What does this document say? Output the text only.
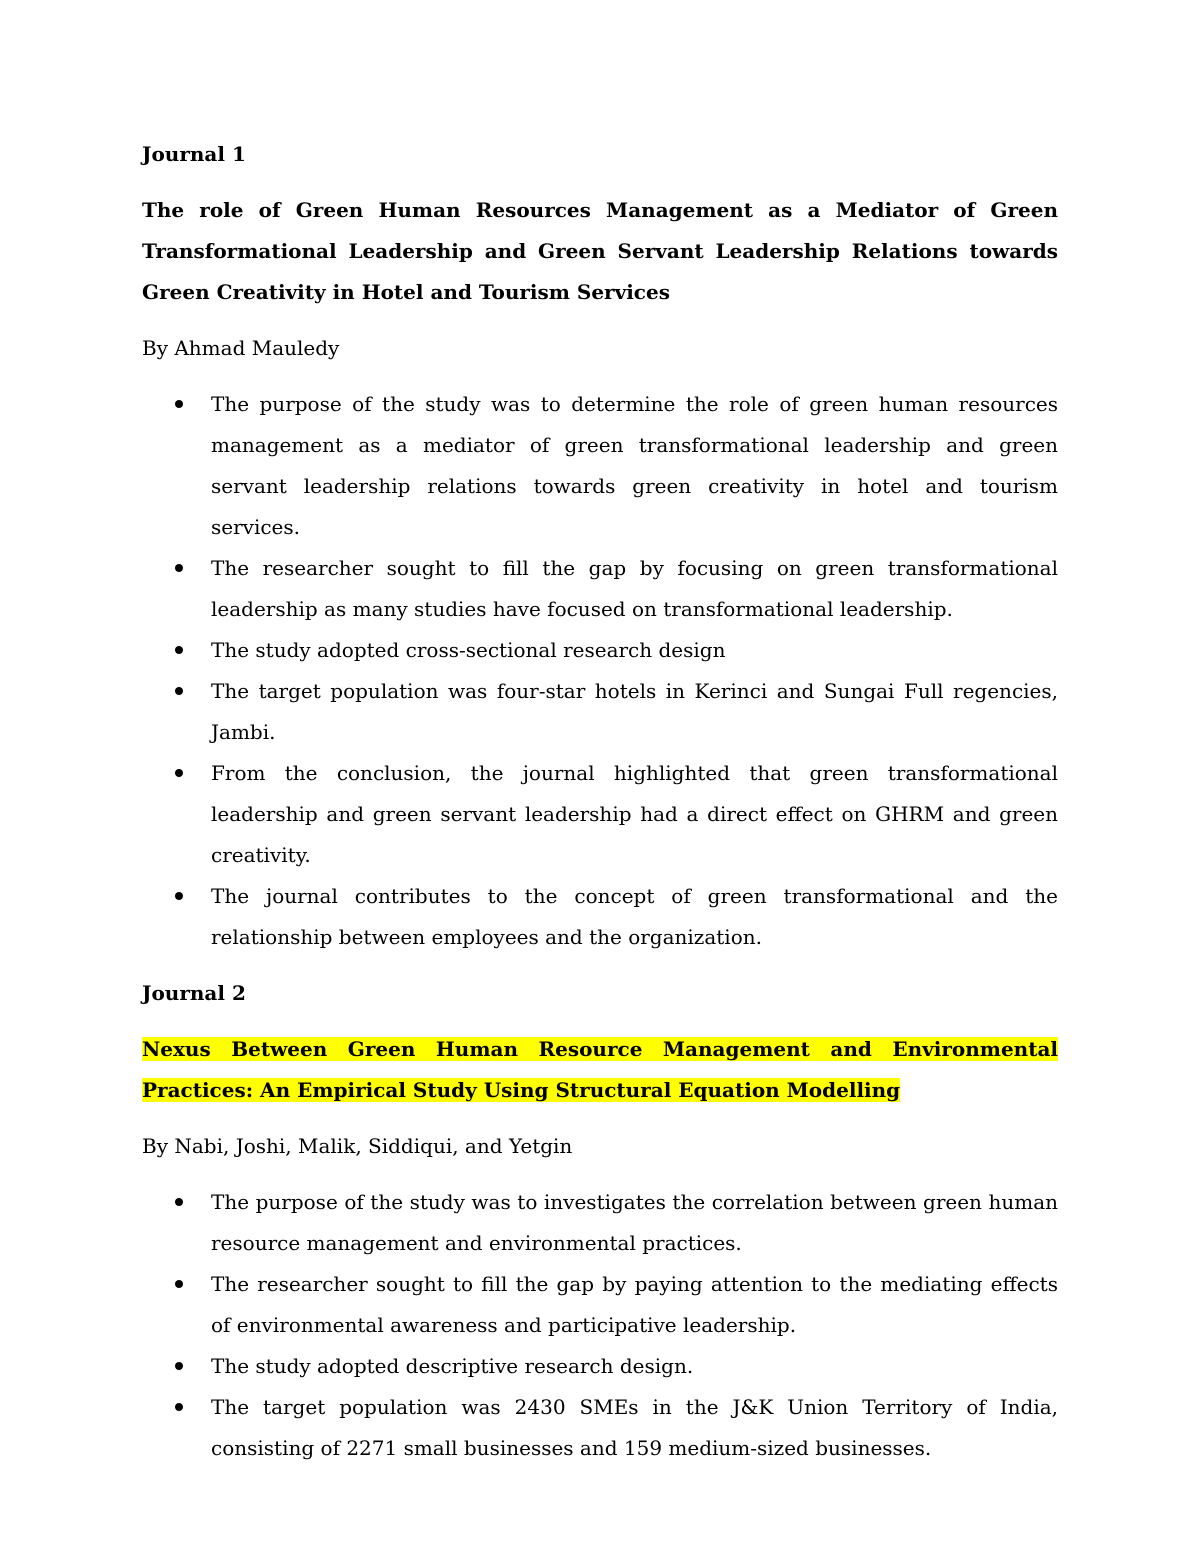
Journal 1

The role of Green Human Resources Management as a Mediator of Green Transformational Leadership and Green Servant Leadership Relations towards Green Creativity in Hotel and Tourism Services

By Ahmad Mauledy

The purpose of the study was to determine the role of green human resources management as a mediator of green transformational leadership and green servant leadership relations towards green creativity in hotel and tourism services.
The researcher sought to fill the gap by focusing on green transformational leadership as many studies have focused on transformational leadership.
The study adopted cross-sectional research design
The target population was four-star hotels in Kerinci and Sungai Full regencies, Jambi.
From the conclusion, the journal highlighted that green transformational leadership and green servant leadership had a direct effect on GHRM and green creativity.
The journal contributes to the concept of green transformational and the relationship between employees and the organization.

Journal 2

Nexus Between Green Human Resource Management and Environmental Practices: An Empirical Study Using Structural Equation Modelling

By Nabi, Joshi, Malik, Siddiqui, and Yetgin

The purpose of the study was to investigates the correlation between green human resource management and environmental practices.
The researcher sought to fill the gap by paying attention to the mediating effects of environmental awareness and participative leadership.
The study adopted descriptive research design.
The target population was 2430 SMEs in the J&K Union Territory of India, consisting of 2271 small businesses and 159 medium-sized businesses.
